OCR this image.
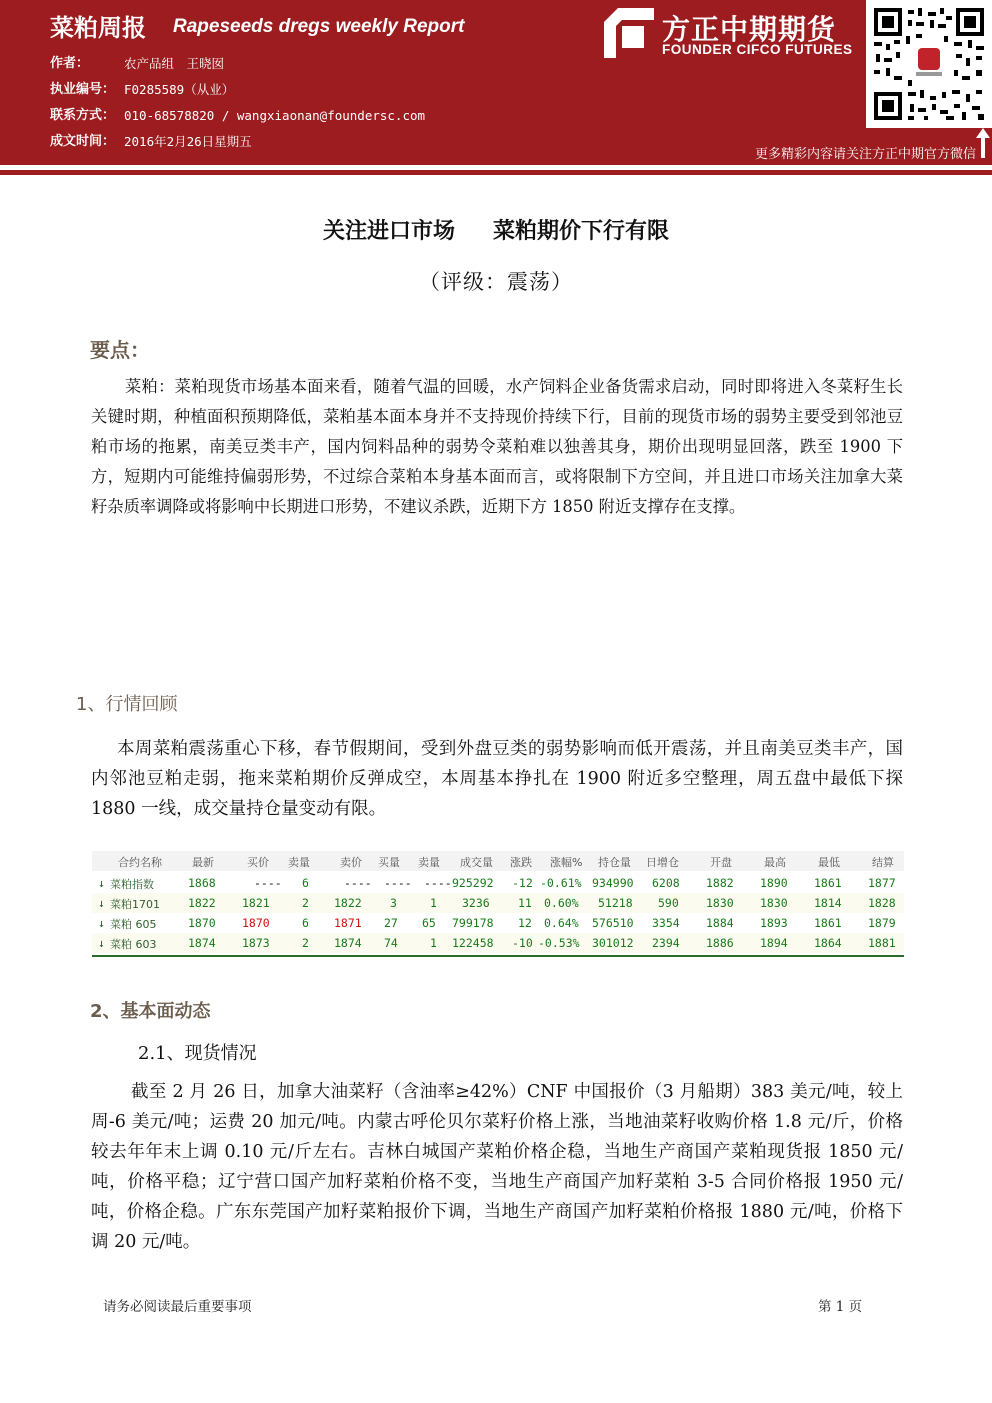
菜粕周报 Rapeseeds dregs weekly Report
作者：	农产品组　王晓囡
执业编号： F0285589（从业）
联系方式： 010-68578820 / wangxiaonan@foundersc.com
成文时间： 2016年2月26日星期五
方正中期期货
FOUNDER CIFCO FUTURES
更多精彩内容请关注方正中期官方微信
关注进口市场 菜粕期价下行有限
（评级：震荡）
要点：
菜粕：菜粕现货市场基本面来看，随着气温的回暖，水产饲料企业备货需求启动，同时即将进入冬菜籽生长关键时期，种植面积预期降低，菜粕基本面本身并不支持现价持续下行，目前的现货市场的弱势主要受到邻池豆粕市场的拖累，南美豆类丰产，国内饲料品种的弱势令菜粕难以独善其身，期价出现明显回落，跌至 1900 下方，短期内可能维持偏弱形势，不过综合菜粕本身基本面而言，或将限制下方空间，并且进口市场关注加拿大菜籽杂质率调降或将影响中长期进口形势，不建议杀跌，近期下方 1850 附近支撑存在支撑。
1、行情回顾
本周菜粕震荡重心下移，春节假期间，受到外盘豆类的弱势影响而低开震荡，并且南美豆类丰产，国内邻池豆粕走弱，拖来菜粕期价反弹成空，本周基本挣扎在 1900 附近多空整理，周五盘中最低下探 1880 一线，成交量持仓量变动有限。
合约名称	最新	买价 卖量	卖价 买量 卖量 成交量 涨跌 涨幅% 持仓量 日增仓	开盘	最高	最低	结算
↓ 菜粕指数	1868	---- 6	---- ---- ---- 925292 -12 -0.61% 934990 6208 1882 1890 1861 1877
↓ 菜粕1701 1822 1821	2 1822 3	1 3236 11 0.60% 51218 590 1830 1830 1814 1828
↓ 菜粕 605	1870 1870	6 1871 27 65 799178 12 0.64% 576510 3354 1884 1893 1861 1879
↓ 菜粕 603	1874 1873	2 1874 74	1 122458 -10 -0.53% 301012 2394 1886 1894 1864 1881
2、基本面动态
2.1、现货情况
截至 2 月 26 日，加拿大油菜籽（含油率≥42%）CNF 中国报价（3 月船期）383 美元/吨，较上周-6 美元/吨；运费 20 加元/吨。内蒙古呼伦贝尔菜籽价格上涨，当地油菜籽收购价格 1.8 元/斤，价格较去年年末上调 0.10 元/斤左右。吉林白城国产菜粕价格企稳，当地生产商国产菜粕现货报 1850 元/吨，价格平稳；辽宁营口国产加籽菜粕价格不变，当地生产商国产加籽菜粕 3-5 合同价格报 1950 元/吨，价格企稳。广东东莞国产加籽菜粕报价下调，当地生产商国产加籽菜粕价格报 1880 元/吨，价格下调 20 元/吨。
请务必阅读最后重要事项	第 1 页
